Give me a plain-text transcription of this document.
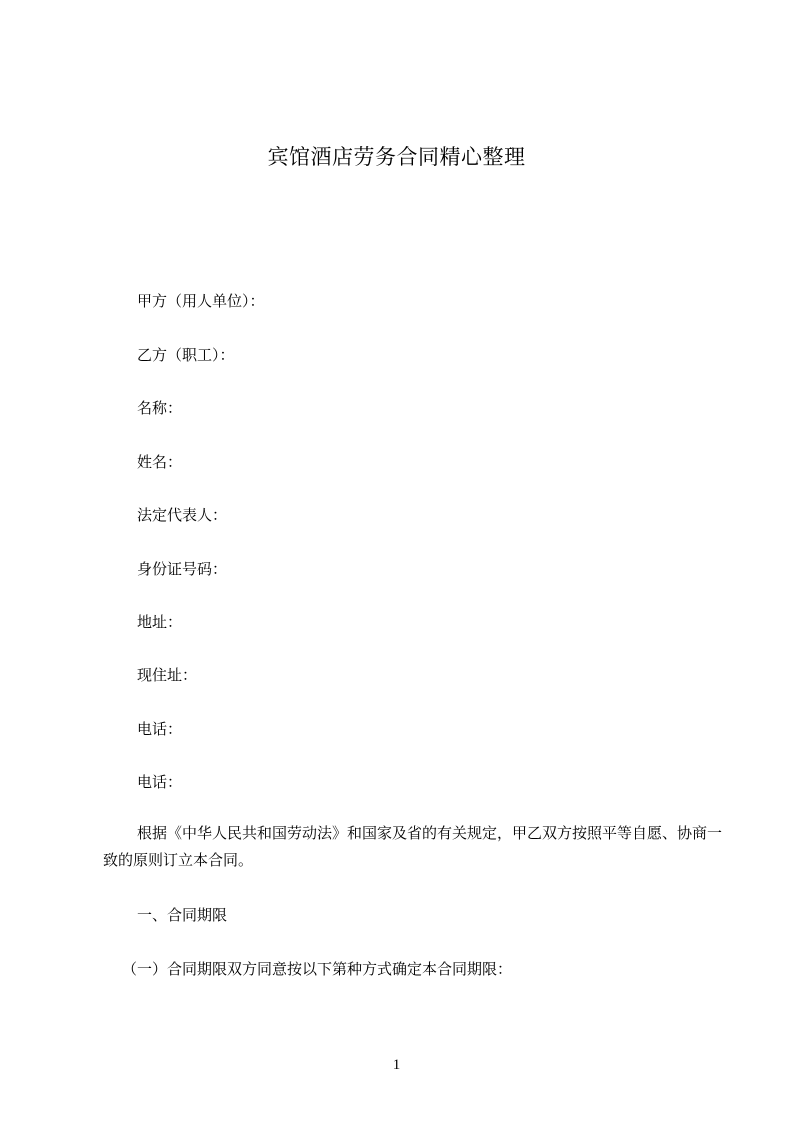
宾馆酒店劳务合同精心整理
甲方（用人单位）：
乙方（职工）：
名称：
姓名：
法定代表人：
身份证号码：
地址：
现住址：
电话：
电话：
根据《中华人民共和国劳动法》和国家及省的有关规定，甲乙双方按照平等自愿、协商一致的原则订立本合同。
一、合同期限
（一）合同期限双方同意按以下第种方式确定本合同期限：
1
